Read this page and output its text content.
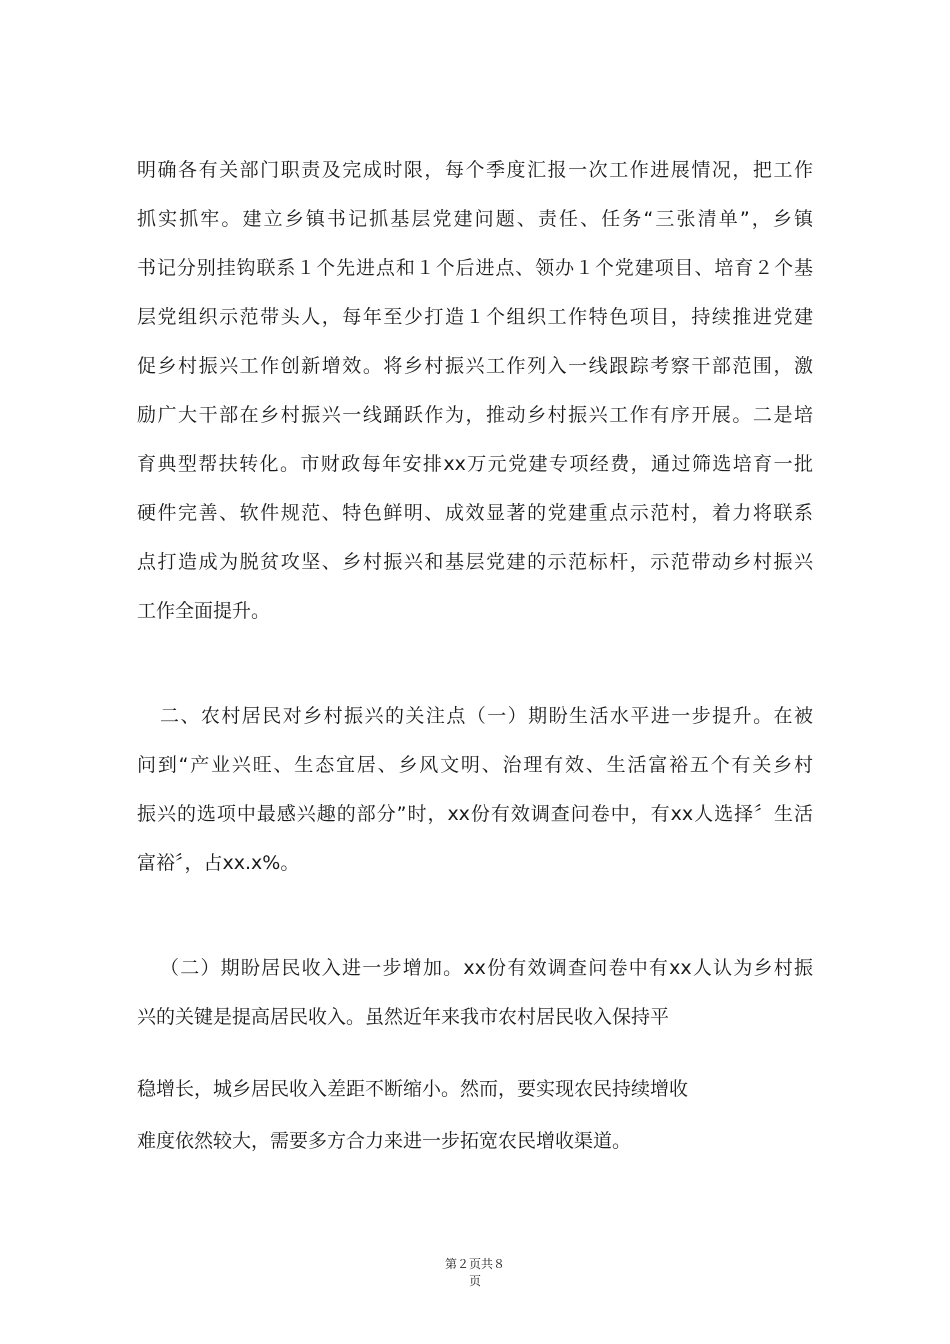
明确各有关部门职责及完成时限，每个季度汇报一次工作进展情况，把工作
抓实抓牢。建立乡镇书记抓基层党建问题、责任、任务“三张清单”，乡镇
书记分别挂钩联系１个先进点和１个后进点、领办１个党建项目、培育２个基
层党组织示范带头人，每年至少打造１个组织工作特色项目，持续推进党建
促乡村振兴工作创新增效。将乡村振兴工作列入一线跟踪考察干部范围，激
励广大干部在乡村振兴一线踊跃作为，推动乡村振兴工作有序开展。二是培
育典型帮扶转化。市财政每年安排xx万元党建专项经费，通过筛选培育一批
硬件完善、软件规范、特色鲜明、成效显著的党建重点示范村，着力将联系
点打造成为脱贫攻坚、乡村振兴和基层党建的示范标杆，示范带动乡村振兴
工作全面提升。
二、农村居民对乡村振兴的关注点（一）期盼生活水平进一步提升。在被
问到“产业兴旺、生态宜居、乡风文明、治理有效、生活富裕五个有关乡村
振兴的选项中最感兴趣的部分”时，xx份有效调查问卷中，有xx人选择〞生活
富裕〞，占xx.x%。
（二）期盼居民收入进一步增加。xx份有效调查问卷中有xx人认为乡村振
兴的关键是提高居民收入。虽然近年来我市农村居民收入保持平
稳增长，城乡居民收入差距不断缩小。然而，要实现农民持续增收
难度依然较大，需要多方合力来进一步拓宽农民增收渠道。
第２页共８
页
